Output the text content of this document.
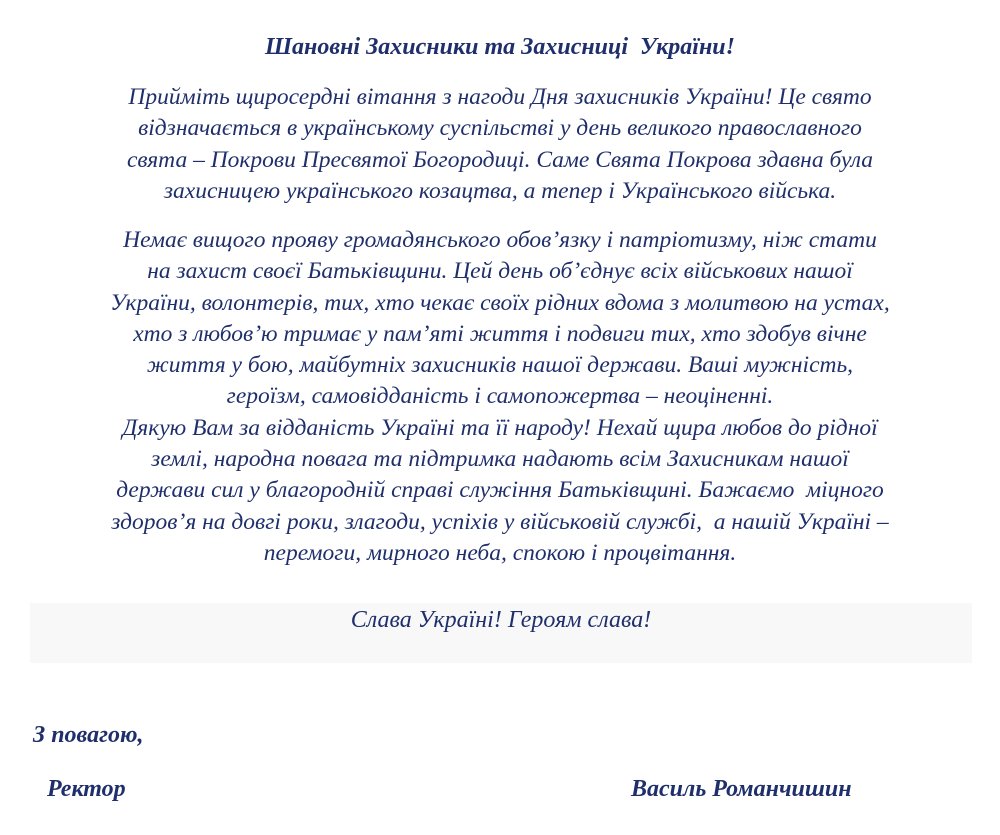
Шановні Захисники та Захисниці  України!
Прийміть щиросердні вітання з нагоди Дня захисників України! Це свято
відзначається в українському суспільстві у день великого православного
свята – Покрови Пресвятої Богородиці. Саме Свята Покрова здавна була
захисницею українського козацтва, а тепер і Українського війська.
Немає вищого прояву громадянського обов’язку і патріотизму, ніж стати
на захист своєї Батьківщини. Цей день об’єднує всіх військових нашої
України, волонтерів, тих, хто чекає своїх рідних вдома з молитвою на устах,
хто з любов’ю тримає у пам’яті життя і подвиги тих, хто здобув вічне
життя у бою, майбутніх захисників нашої держави. Ваші мужність,
героїзм, самовідданість і самопожертва – неоціненні.
Дякую Вам за відданість Україні та її народу! Нехай щира любов до рідної
землі, народна повага та підтримка надають всім Захисникам нашої
держави сил у благородній справі служіння Батьківщині. Бажаємо  міцного
здоров’я на довгі роки, злагоди, успіхів у військовій службі,  а нашій Україні –
перемоги, мирного неба, спокою і процвітання.
Слава Україні! Героям слава!
З повагою,
Ректор	Василь Романчишин
